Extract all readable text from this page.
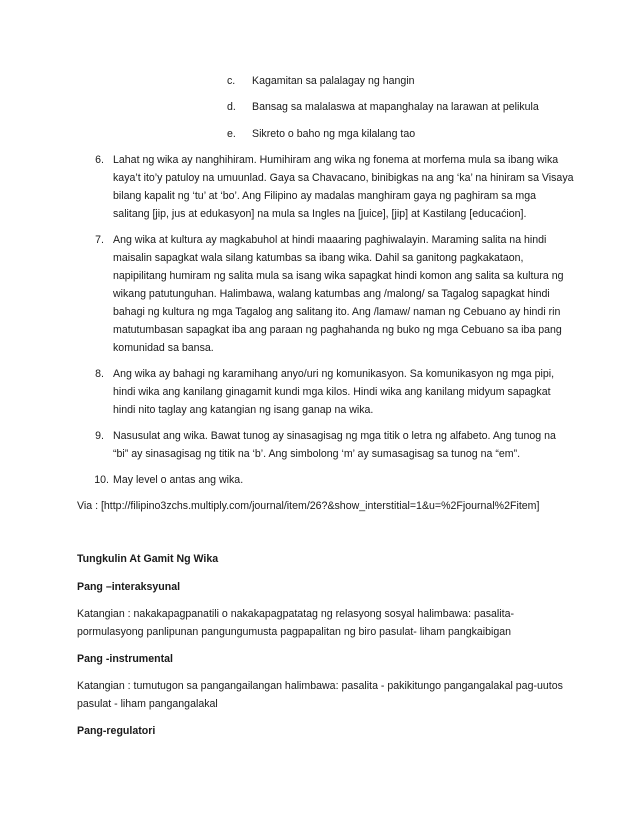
c. Kagamitan sa palalagay ng hangin
d. Bansag sa malalaswa at mapanghalay na larawan at pelikula
e. Sikreto o baho ng mga kilalang tao
6. Lahat ng wika ay nanghihiram. Humihiram ang wika ng fonema at morfema mula sa ibang wika
kaya’t ito’y patuloy na umuunlad. Gaya sa Chavacano, binibigkas na ang ‘ka’ na hiniram sa Visaya
bilang kapalit ng ‘tu’ at ‘bo’. Ang Filipino ay madalas manghiram gaya ng paghiram sa mga
salitang [jip, jus at edukasyon] na mula sa Ingles na [juice], [jip] at Kastilang [educaćion].
7. Ang wika at kultura ay magkabuhol at hindi maaaring paghiwalayin. Maraming salita na hindi
maisalin sapagkat wala silang katumbas sa ibang wika. Dahil sa ganitong pagkakataon,
napipilitang humiram ng salita mula sa isang wika sapagkat hindi komon ang salita sa kultura ng
wikang patutunguhan. Halimbawa, walang katumbas ang /malong/ sa Tagalog sapagkat hindi
bahagi ng kultura ng mga Tagalog ang salitang ito. Ang /lamaw/ naman ng Cebuano ay hindi rin
matutumbasan sapagkat iba ang paraan ng paghahanda ng buko ng mga Cebuano sa iba pang
komunidad sa bansa.
8. Ang wika ay bahagi ng karamihang anyo/uri ng komunikasyon. Sa komunikasyon ng mga pipi,
hindi wika ang kanilang ginagamit kundi mga kilos. Hindi wika ang kanilang midyum sapagkat
hindi nito taglay ang katangian ng isang ganap na wika.
9. Nasusulat ang wika. Bawat tunog ay sinasagisag ng mga titik o letra ng alfabeto. Ang tunog na
“bi” ay sinasagisag ng titik na ‘b’. Ang simbolong ‘m’ ay sumasagisag sa tunog na “em”.
10. May level o antas ang wika.
Via : [http://filipino3zchs.multiply.com/journal/item/26?&show_interstitial=1&u=%2Fjournal%2Fitem]
Tungkulin At Gamit Ng Wika
Pang –interaksyunal
Katangian : nakakapagpanatili o nakakapagpatatag ng relasyong sosyal halimbawa: pasalita-
pormulasyong panlipunan pangungumusta pagpapalitan ng biro pasulat- liham pangkaibigan
Pang -instrumental
Katangian : tumutugon sa pangangailangan halimbawa: pasalita - pakikitungo pangangalakal pag-uutos
pasulat - liham pangangalakal
Pang-regulatori
